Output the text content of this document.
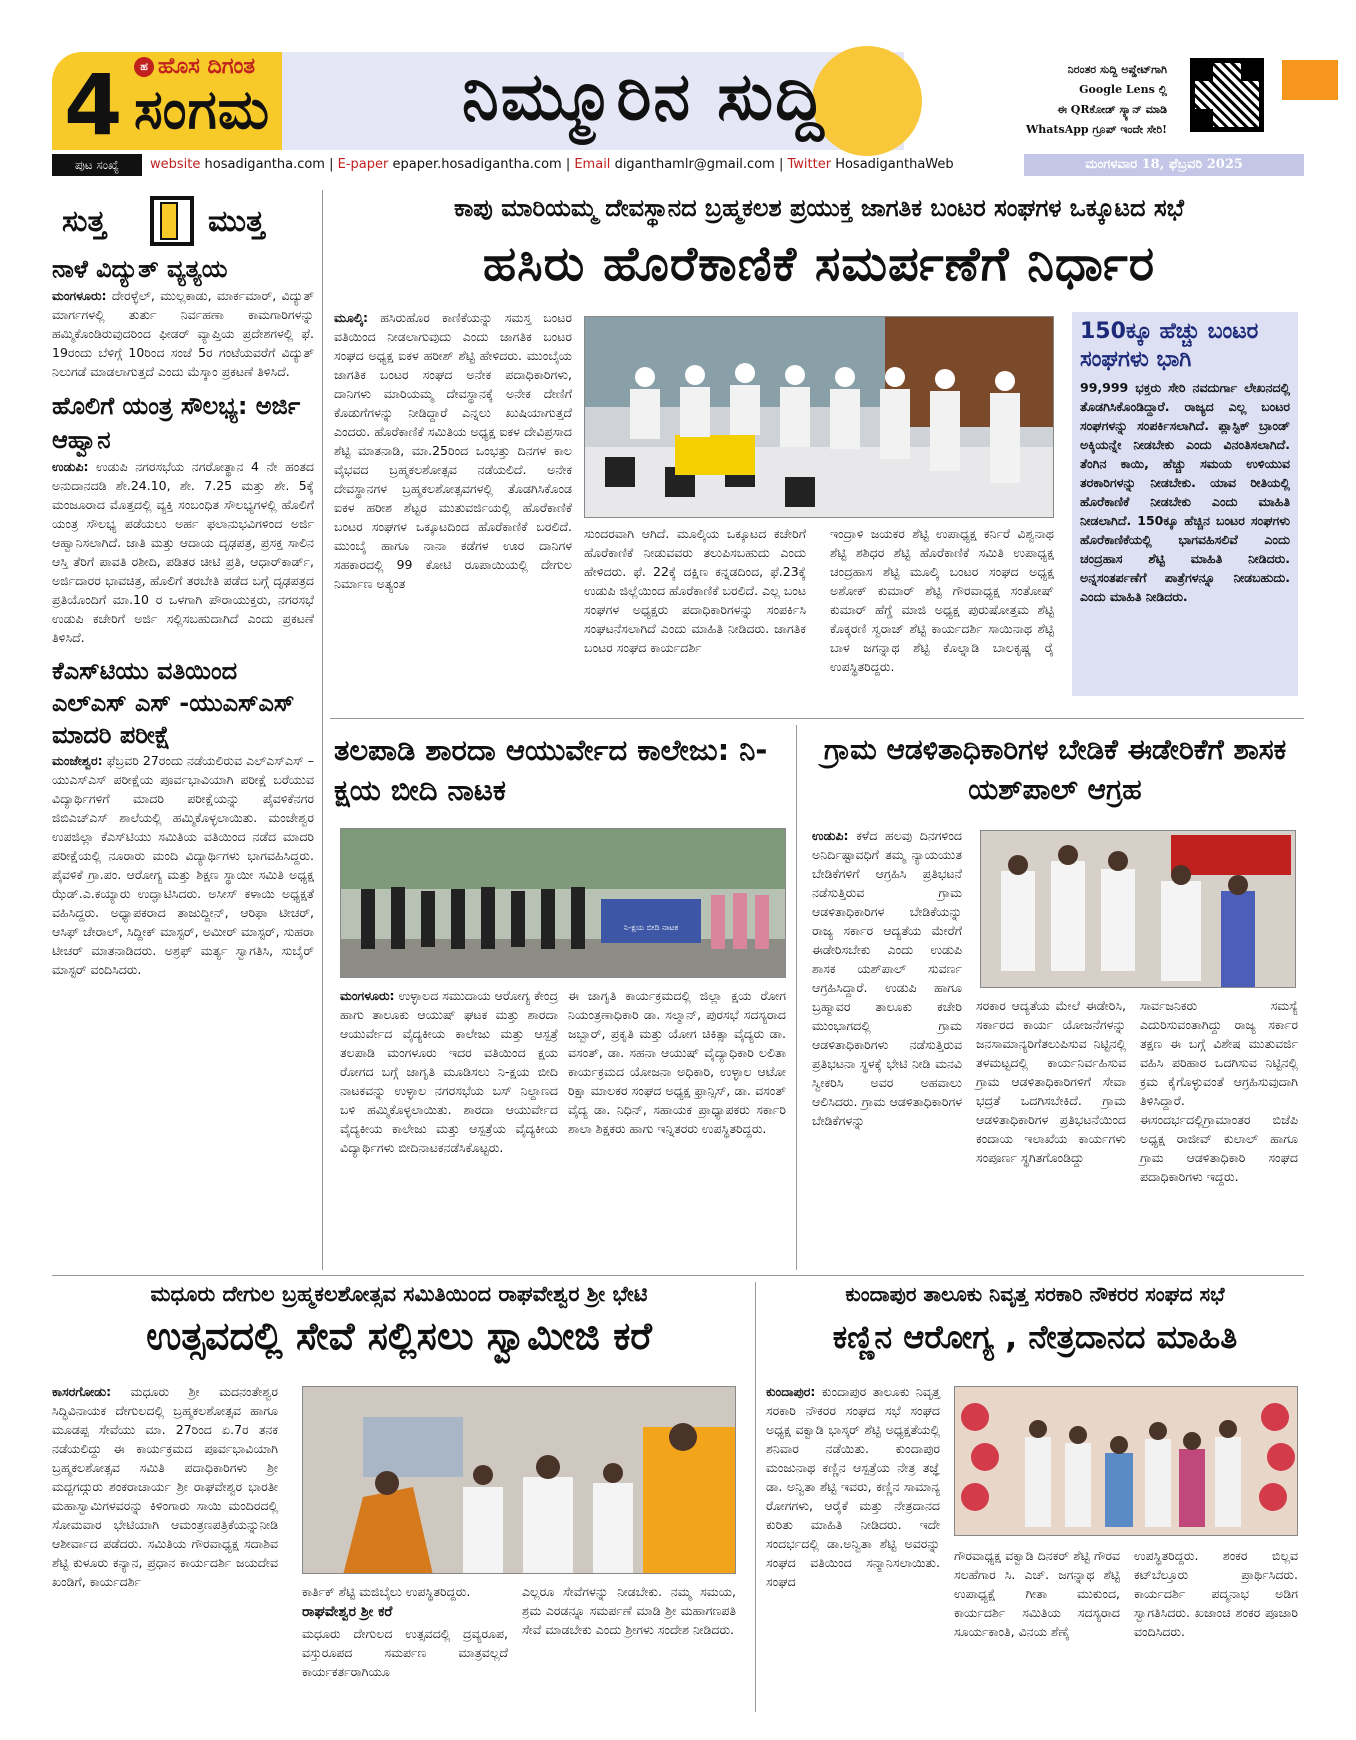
4	ಹ ಹೊಸ ದಿಗಂತ
ಸಂಗಮ	ನಿಮ್ಮೂರಿನ ಸುದ್ದಿ	ನಿರಂತರ ಸುದ್ದಿ ಅಪ್ಡೇಟ್‌ಗಾಗಿ
Google Lens ಲ್ಲಿ
ಈ QRಕೋಡ್ ಸ್ಕ್ಯಾನ್ ಮಾಡಿ
WhatsApp ಗ್ರೂಪ್ ಇಂದೇ ಸೇರಿ!
ಪುಟ ಸಂಖ್ಯೆ	website hosadigantha.com | E-paper epaper.hosadigantha.com | Email diganthamlr@gmail.com | Twitter HosadiganthaWeb	ಮಂಗಳವಾರ 18, ಫೆಬ್ರವರಿ 2025
ಸುತ್ತ	ಮುತ್ತ
ನಾಳೆ ವಿದ್ಯುತ್ ವ್ಯತ್ಯಯ

ಮಂಗಳೂರು: ದೇರಳ್ಳೆಲ್, ಮುಲ್ಲಕಾಡು, ಮಾರ್ಕಮಾರ್, ವಿದ್ಯುತ್ ಮಾರ್ಗಗಳಲ್ಲಿ ತುರ್ತು ನಿರ್ವಹಣಾ ಕಾಮಗಾರಿಗಳನ್ನು ಹಮ್ಮಿಕೊಂಡಿರುವುದರಿಂದ ಫೀಡರ್ ವ್ಯಾಪ್ತಿಯ ಪ್ರದೇಶಗಳಲ್ಲಿ ಫೆ. 19ರಂದು ಬೆಳಿಗ್ಗೆ 10ರಿಂದ ಸಂಜೆ 5ರ ಗಂಟೆಯವರೆಗೆ ವಿದ್ಯುತ್ ನಿಲುಗಡೆ ಮಾಡಲಾಗುತ್ತದೆ ಎಂದು ಮೆಸ್ಕಾಂ ಪ್ರಕಟಣೆ ತಿಳಿಸಿದೆ.

ಹೊಲಿಗೆ ಯಂತ್ರ ಸೌಲಭ್ಯ: ಅರ್ಜಿ ಆಹ್ವಾನ

ಉಡುಪಿ: ಉಡುಪಿ ನಗರಸಭೆಯ ನಗರೋತ್ಥಾನ 4 ನೇ ಹಂತದ ಅನುದಾನದಡಿ ಶೇ.24.10, ಶೇ. 7.25 ಮತ್ತು ಶೇ. 5ಕ್ಕೆ ಮಂಜೂರಾದ ಮೊತ್ತದಲ್ಲಿ ವ್ಯಕ್ತಿ ಸಂಬಂಧಿತ ಸೌಲಭ್ಯಗಳಲ್ಲಿ ಹೊಲಿಗೆ ಯಂತ್ರ ಸೌಲಭ್ಯ ಪಡೆಯಲು ಅರ್ಹ ಫಲಾನುಭವಿಗಳಿಂದ ಅರ್ಜಿ ಆಹ್ವಾನಿಸಲಾಗಿದೆ. ಜಾತಿ ಮತ್ತು ಆದಾಯ ದೃಢಪತ್ರ, ಪ್ರಸಕ್ತ ಸಾಲಿನ ಆಸ್ತಿ ತೆರಿಗೆ ಪಾವತಿ ರಶೀದಿ, ಪಡಿತರ ಚೀಟಿ ಪ್ರತಿ, ಆಧಾರ್‌ಕಾರ್ಡ್, ಅರ್ಜಿದಾರರ ಭಾವಚಿತ್ರ, ಹೊಲಿಗೆ ತರಬೇತಿ ಪಡೆದ ಬಗ್ಗೆ ದೃಢಪತ್ರದ ಪ್ರತಿಯೊಂದಿಗೆ ಮಾ.10 ರ ಒಳಗಾಗಿ ಪೌರಾಯುಕ್ತರು, ನಗರಸಭೆ ಉಡುಪಿ ಕಚೇರಿಗೆ ಅರ್ಜಿ ಸಲ್ಲಿಸಬಹುದಾಗಿದೆ ಎಂದು ಪ್ರಕಟಣೆ ತಿಳಿಸಿದೆ.

ಕೆಎಸ್‌ಟಿಯು ವತಿಯಿಂದ ಎಲ್‌ಎಸ್ ಎಸ್ -ಯುಎಸ್‌ಎಸ್ ಮಾದರಿ ಪರೀಕ್ಷೆ

ಮಂಜೇಶ್ವರ: ಫೆಬ್ರವರಿ 27ರಂದು ನಡೆಯಲಿರುವ ಎಲ್‌ಎಸ್‌ಎಸ್ – ಯುಎಸ್‌ಎಸ್ ಪರೀಕ್ಷೆಯ ಪೂರ್ವಭಾವಿಯಾಗಿ ಪರೀಕ್ಷೆ ಬರೆಯುವ ವಿದ್ಯಾರ್ಥಿಗಳಿಗೆ ಮಾದರಿ ಪರೀಕ್ಷೆಯನ್ನು ಪೈವಳಿಕೆನಗರ ಜಿಬಿಎಚ್‌ಎಸ್ ಶಾಲೆಯಲ್ಲಿ ಹಮ್ಮಿಕೊಳ್ಳಲಾಯಿತು. ಮಂಜೇಶ್ವರ ಉಪಜಿಲ್ಲಾ ಕೆಎಸ್‌ಟಿಯು ಸಮಿತಿಯ ವತಿಯಿಂದ ನಡೆದ ಮಾದರಿ ಪರೀಕ್ಷೆಯಲ್ಲಿ ನೂರಾರು ಮಂದಿ ವಿದ್ಯಾರ್ಥಿಗಳು ಭಾಗವಹಿಸಿದ್ದರು. ಪೈವಳಿಕೆ ಗ್ರಾ.ಪಂ. ಆರೋಗ್ಯ ಮತ್ತು ಶಿಕ್ಷಣ ಸ್ಥಾಯೀ ಸಮಿತಿ ಅಧ್ಯಕ್ಷ ಝೆಡ್.ಎ.ಕಯ್ಯಾರು ಉದ್ಘಾಟಿಸಿದರು. ಅಸೀಸ್ ಕಳಾಯಿ ಅಧ್ಯಕ್ಷತೆ ವಹಿಸಿದ್ದರು. ಅಧ್ಯಾಪಕರಾದ ತಾಜುದ್ದೀನ್, ಆರಿಫಾ ಟೀಚರ್, ಆಸಿಫ್ ಚೇರಾಲ್, ಸಿದ್ದೀಕ್ ಮಾಸ್ಟರ್, ಅಮೀರ್ ಮಾಸ್ಟರ್, ಸುಹರಾ ಟೀಚರ್ ಮಾತನಾಡಿದರು. ಅಶ್ರಫ್ ಮರ್ತ್ಯ ಸ್ವಾಗತಿಸಿ, ಸುಬೈರ್ ಮಾಸ್ಟರ್ ವಂದಿಸಿದರು.

ಕಾಪು ಮಾರಿಯಮ್ಮ ದೇವಸ್ಥಾನದ ಬ್ರಹ್ಮಕಲಶ ಪ್ರಯುಕ್ತ ಜಾಗತಿಕ ಬಂಟರ ಸಂಘಗಳ ಒಕ್ಕೂಟದ ಸಭೆ
ಹಸಿರು ಹೊರೆಕಾಣಿಕೆ ಸಮರ್ಪಣೆಗೆ ನಿರ್ಧಾರ

ಮೂಲ್ಕಿ: ಹಸಿರುಹೊರ ಕಾಣಿಕೆಯನ್ನು ಸಮಸ್ತ ಬಂಟರ ವತಿಯಿಂದ ನೀಡಲಾಗುವುದು ಎಂದು ಜಾಗತಿಕ ಬಂಟರ ಸಂಘದ ಅಧ್ಯಕ್ಷ ಐಕಳ ಹರೀಶ್ ಶೆಟ್ಟಿ ಹೇಳಿದರು. ಮುಂಬೈಯ ಜಾಗತಿಕ ಬಂಟರ ಸಂಘದ ಅನೇಕ ಪದಾಧಿಕಾರಿಗಳು, ದಾನಿಗಳು ಮಾರಿಯಮ್ಮ ದೇವಸ್ಥಾನಕ್ಕೆ ಅನೇಕ ದೇಣಿಗೆ ಕೊಡುಗೆಗಳನ್ನು ನೀಡಿದ್ದಾರೆ ಎನ್ನಲು ಖುಷಿಯಾಗುತ್ತದೆ ಎಂದರು. ಹೊರೆಕಾಣಿಕೆ ಸಮಿತಿಯ ಅಧ್ಯಕ್ಷ ಐಕಳ ದೇವಿಪ್ರಸಾದ ಶೆಟ್ಟಿ ಮಾತನಾಡಿ, ಮಾ.25ರಿಂದ ಒಂಭತ್ತು ದಿನಗಳ ಕಾಲ ವೈಭವದ ಬ್ರಹ್ಮಕಲಶೋತ್ಸವ ನಡೆಯಲಿದೆ. ಅನೇಕ ದೇವಸ್ಥಾನಗಳ ಬ್ರಹ್ಮಕಲಶೋತ್ಸವಗಳಲ್ಲಿ ತೊಡಗಿಸಿಕೊಂಡ ಐಕಳ ಹರೀಶ ಶೆಟ್ಟರ ಮುತುವರ್ಜಿಯಲ್ಲಿ ಹೊರೆಕಾಣಿಕೆ ಬಂಟರ ಸಂಘಗಳ ಒಕ್ಕೂಟದಿಂದ ಹೊರೆಕಾಣಿಕೆ ಬರಲಿದೆ. ಮುಂಬೈ ಹಾಗೂ ನಾನಾ ಕಡೆಗಳ ಊರ ದಾನಿಗಳ ಸಹಕಾರದಲ್ಲಿ 99 ಕೋಟಿ ರೂಪಾಯಿಯಲ್ಲಿ ದೇಗುಲ ನಿರ್ಮಾಣ ಅತ್ಯಂತ

ಸುಂದರವಾಗಿ ಆಗಿದೆ. ಮೂಲ್ಕಿಯ ಒಕ್ಕೂಟದ ಕಚೇರಿಗೆ ಹೊರೆಕಾಣಿಕೆ ನೀಡುವವರು ತಲುಪಿಸಬಹುದು ಎಂದು ಹೇಳಿದರು. ಫೆ. 22ಕ್ಕೆ ದಕ್ಷಿಣ ಕನ್ನಡದಿಂದ, ಫೆ.23ಕ್ಕೆ ಉಡುಪಿ ಜಿಲ್ಲೆಯಿಂದ ಹೊರೆಕಾಣಿಕೆ ಬರಲಿದೆ. ಎಲ್ಲ ಬಂಟ ಸಂಘಗಳ ಅಧ್ಯಕ್ಷರು ಪದಾಧಿಕಾರಿಗಳನ್ನು ಸಂಪರ್ಕಿಸಿ ಸಂಘಟನೆಸಲಾಗಿದೆ ಎಂದು ಮಾಹಿತಿ ನೀಡಿದರು. ಜಾಗತಿಕ ಬಂಟರ ಸಂಘದ ಕಾರ್ಯದರ್ಶಿ

ಇಂದ್ರಾಳಿ ಜಯಕರ ಶೆಟ್ಟಿ ಉಪಾಧ್ಯಕ್ಷ ಕರ್ನಿರೆ ವಿಶ್ವನಾಥ ಶೆಟ್ಟಿ ಶಶಿಧರ ಶೆಟ್ಟಿ ಹೊರೆಕಾಣಿಕೆ ಸಮಿತಿ ಉಪಾಧ್ಯಕ್ಷ ಚಂದ್ರಹಾಸ ಶೆಟ್ಟಿ ಮೂಲ್ಕಿ ಬಂಟರ ಸಂಘದ ಅಧ್ಯಕ್ಷ ಅಶೋಕ್ ಕುಮಾರ್ ಶೆಟ್ಟಿ ಗೌರವಾಧ್ಯಕ್ಷ ಸಂತೋಷ್ ಕುಮಾರ್ ಹೆಗ್ಡೆ ಮಾಜಿ ಅಧ್ಯಕ್ಷ ಪುರುಷೋತ್ತಮ ಶೆಟ್ಟಿ ಕೊಕ್ಕರಣಿ ಸ್ವರಾಜ್ ಶೆಟ್ಟಿ ಕಾರ್ಯದರ್ಶಿ ಸಾಯಿನಾಥ ಶೆಟ್ಟಿ ಬಾಳ ಜಗನ್ನಾಥ ಶೆಟ್ಟಿ ಕೊಲ್ನಾಡಿ ಬಾಲಕೃಷ್ಣ ರೈ ಉಪಸ್ಥಿತರಿದ್ದರು.

150ಕ್ಕೂ ಹೆಚ್ಚು ಬಂಟರ ಸಂಘಗಳು ಭಾಗಿ
99,999 ಭಕ್ತರು ಸೇರಿ ನವದುರ್ಗಾ ಲೇಖನದಲ್ಲಿ ತೊಡಗಿಸಿಕೊಂಡಿದ್ದಾರೆ. ರಾಜ್ಯದ ಎಲ್ಲ ಬಂಟರ ಸಂಘಗಳನ್ನು ಸಂಪರ್ಕಿಸಲಾಗಿದೆ. ಪ್ಲಾಸ್ಟಿಕ್ ಬ್ರಾಂಡ್ ಅಕ್ಕಿಯನ್ನೇ ನೀಡಬೇಕು ಎಂದು ವಿನಂತಿಸಲಾಗಿದೆ. ತೆಂಗಿನ ಕಾಯಿ, ಹೆಚ್ಚು ಸಮಯ ಉಳಿಯುವ ತರಕಾರಿಗಳನ್ನು ನೀಡಬೇಕು. ಯಾವ ರೀತಿಯಲ್ಲಿ ಹೊರೆಕಾಣಿಕೆ ನೀಡಬೇಕು ಎಂದು ಮಾಹಿತಿ ನೀಡಲಾಗಿದೆ. 150ಕ್ಕೂ ಹೆಚ್ಚಿನ ಬಂಟರ ಸಂಘಗಳು ಹೊರೆಕಾಣಿಕೆಯಲ್ಲಿ ಭಾಗವಹಿಸಲಿವೆ ಎಂದು ಚಂದ್ರಹಾಸ ಶೆಟ್ಟಿ ಮಾಹಿತಿ ನೀಡಿದರು. ಅನ್ನಸಂತರ್ಪಣೆಗೆ ಪಾತ್ರೆಗಳನ್ನೂ ನೀಡಬಹುದು. ಎಂದು ಮಾಹಿತಿ ನೀಡಿದರು.
ತಲಪಾಡಿ ಶಾರದಾ ಆಯುರ್ವೇದ ಕಾಲೇಜು: ನಿ-ಕ್ಷಯ ಬೀದಿ ನಾಟಕ
ನಿ-ಕ್ಷಯ ಬೀದಿ ನಾಟಕ

ಮಂಗಳೂರು: ಉಳ್ಳಾಲದ ಸಮುದಾಯ ಆರೋಗ್ಯ ಕೇಂದ್ರ ಹಾಗು ತಾಲೂಕು ಆಯುಷ್ ಘಟಕ ಮತ್ತು ಶಾರದಾ ಆಯುರ್ವೇದ ವೈದ್ಯಕೀಯ ಕಾಲೇಜು ಮತ್ತು ಆಸ್ಪತ್ರೆ ತಲಪಾಡಿ ಮಂಗಳೂರು ಇದರ ವತಿಯಿಂದ ಕ್ಷಯ ರೋಗದ ಬಗ್ಗೆ ಜಾಗೃತಿ ಮೂಡಿಸಲು ನಿ-ಕ್ಷಯ ಬೀದಿ ನಾಟಕವನ್ನು ಉಳ್ಳಾಲ ನಗರಸಭೆಯ ಬಸ್ ನಿಲ್ದಾಣದ ಬಳಿ ಹಮ್ಮಿಕೊಳ್ಳಲಾಯಿತು. ಶಾರದಾ ಆಯುರ್ವೇದ ವೈದ್ಯಕೀಯ ಕಾಲೇಜು ಮತ್ತು ಆಸ್ಪತ್ರೆಯ ವೈದ್ಯಕೀಯ ವಿದ್ಯಾರ್ಥಿಗಳು ಬೀದಿನಾಟಕನಡೆಸಿಕೊಟ್ಟರು.

ಈ ಜಾಗೃತಿ ಕಾರ್ಯಕ್ರಮದಲ್ಲಿ ಜಿಲ್ಲಾ ಕ್ಷಯ ರೋಗ ನಿಯಂತ್ರಣಾಧಿಕಾರಿ ಡಾ. ಸಲ್ಮಾನ್, ಪುರಸಭೆ ಸದಸ್ಯರಾದ ಜಬ್ಬಾರ್, ಪ್ರಕೃತಿ ಮತ್ತು ಯೋಗ ಚಿಕಿತ್ಸಾ ವೈದ್ಯರು ಡಾ. ವಸಂತ್, ಡಾ. ಸಹನಾ ಆಯುಷ್ ವೈದ್ಯಾಧಿಕಾರಿ ಲಲಿತಾ ಕಾರ್ಯಕ್ರಮದ ಯೋಜನಾ ಅಧಿಕಾರಿ, ಉಳ್ಳಾಲ ಆಟೋ ರಿಕ್ಷಾ ಮಾಲಕರ ಸಂಘದ ಅಧ್ಯಕ್ಷ ಫ್ರಾನ್ಸಿಸ್, ಡಾ. ವಸಂತ್ ವೈದ್ಯ ಡಾ. ನಿಧಿನ್, ಸಹಾಯಕ ಪ್ರಾಧ್ಯಾಪಕರು ಸರ್ಕಾರಿ ಶಾಲಾ ಶಿಕ್ಷಕರು ಹಾಗು ಇನ್ನಿತರರು ಉಪಸ್ಥಿತರಿದ್ದರು.

ಗ್ರಾಮ ಆಡಳಿತಾಧಿಕಾರಿಗಳ ಬೇಡಿಕೆ ಈಡೇರಿಕೆಗೆ ಶಾಸಕ ಯಶ್‌ಪಾಲ್ ಆಗ್ರಹ

ಉಡುಪಿ: ಕಳೆದ ಹಲವು ದಿನಗಳಿಂದ ಅನಿರ್ದಿಷ್ಟಾವಧಿಗೆ ತಮ್ಮ ನ್ಯಾಯಯುತ ಬೇಡಿಕೆಗಳಿಗೆ ಆಗ್ರಹಿಸಿ ಪ್ರತಿಭಟನೆ ನಡೆಸುತ್ತಿರುವ ಗ್ರಾಮ ಆಡಳಿತಾಧಿಕಾರಿಗಳ ಬೇಡಿಕೆಯನ್ನು ರಾಜ್ಯ ಸರ್ಕಾರ ಆದ್ಯತೆಯ ಮೇರೆಗೆ ಈಡೇರಿಸಬೇಕು ಎಂದು ಉಡುಪಿ ಶಾಸಕ ಯಶ್‌ಪಾಲ್ ಸುವರ್ಣ ಆಗ್ರಹಿಸಿದ್ದಾರೆ. ಉಡುಪಿ ಹಾಗೂ ಬ್ರಹ್ಮಾವರ ತಾಲೂಕು ಕಚೇರಿ ಮುಂಭಾಗದಲ್ಲಿ ಗ್ರಾಮ ಆಡಳಿತಾಧಿಕಾರಿಗಳು ನಡೆಸುತ್ತಿರುವ ಪ್ರತಿಭಟನಾ ಸ್ಥಳಕ್ಕೆ ಭೇಟಿ ನೀಡಿ ಮನವಿ ಸ್ವೀಕರಿಸಿ ಅವರ ಅಹವಾಲು ಆಲಿಸಿದರು. ಗ್ರಾಮ ಆಡಳಿತಾಧಿಕಾರಿಗಳ ಬೇಡಿಕೆಗಳನ್ನು

ಸರಕಾರ ಆದ್ಯತೆಯ ಮೇಲೆ ಈಡೇರಿಸಿ, ಸರ್ಕಾರದ ಕಾರ್ಯ ಯೋಜನೆಗಳನ್ನು ಜನಸಾಮಾನ್ಯರಿಗೆತಲುಪಿಸುವ ನಿಟ್ಟಿನಲ್ಲಿ ತಳಮಟ್ಟದಲ್ಲಿ ಕಾರ್ಯನಿರ್ವಹಿಸುವ ಗ್ರಾಮ ಆಡಳಿತಾಧಿಕಾರಿಗಳಿಗೆ ಸೇವಾ ಭದ್ರತೆ ಒದಗಿಸಬೇಕಿದೆ. ಗ್ರಾಮ ಆಡಳಿತಾಧಿಕಾರಿಗಳ ಪ್ರತಿಭಟನೆಯಿಂದ ಕಂದಾಯ ಇಲಾಖೆಯ ಕಾರ್ಯಗಳು ಸಂಪೂರ್ಣ ಸ್ಥಗಿತಗೊಂಡಿದ್ದು

ಸಾರ್ವಜನಿಕರು ಸಮಸ್ಯೆ ಎದುರಿಸುವಂತಾಗಿದ್ದು ರಾಜ್ಯ ಸರ್ಕಾರ ತಕ್ಷಣ ಈ ಬಗ್ಗೆ ವಿಶೇಷ ಮುತುವರ್ಜಿ ವಹಿಸಿ ಪರಿಹಾರ ಒದಗಿಸುವ ನಿಟ್ಟಿನಲ್ಲಿ ಕ್ರಮ ಕೈಗೊಳ್ಳುವಂತೆ ಆಗ್ರಹಿಸುವುದಾಗಿ ತಿಳಿಸಿದ್ದಾರೆ. ಈಸಂದರ್ಭದಲ್ಲಿಗ್ರಾಮಾಂತರ ಬಿಜೆಪಿ ಅಧ್ಯಕ್ಷ ರಾಜೀವ್ ಕುಲಾಲ್ ಹಾಗೂ ಗ್ರಾಮ ಆಡಳಿತಾಧಿಕಾರಿ ಸಂಘದ ಪದಾಧಿಕಾರಿಗಳು ಇದ್ದರು.

ಮಧೂರು ದೇಗುಲ ಬ್ರಹ್ಮಕಲಶೋತ್ಸವ ಸಮಿತಿಯಿಂದ ರಾಘವೇಶ್ವರ ಶ್ರೀ ಭೇಟಿ
ಉತ್ಸವದಲ್ಲಿ ಸೇವೆ ಸಲ್ಲಿಸಲು ಸ್ವಾಮೀಜಿ ಕರೆ

ಕಾಸರಗೋಡು: ಮಧೂರು ಶ್ರೀ ಮದನಂತೇಶ್ವರ ಸಿದ್ಧಿವಿನಾಯಕ ದೇಗುಲದಲ್ಲಿ ಬ್ರಹ್ಮಕಲಶೋತ್ಸವ ಹಾಗೂ ಮೂಡಪ್ಪ ಸೇವೆಯು ಮಾ. 27ರಿಂದ ಏ.7ರ ತನಕ ನಡೆಯಲಿದ್ದು ಈ ಕಾರ್ಯಕ್ರಮದ ಪೂರ್ವಭಾವಿಯಾಗಿ ಬ್ರಹ್ಮಕಲಶೋತ್ಸವ ಸಮಿತಿ ಪದಾಧಿಕಾರಿಗಳು ಶ್ರೀ ಮದ್ಜಗದ್ಗುರು ಶಂಕರಾಚಾರ್ಯ ಶ್ರೀ ರಾಘವೇಶ್ವರ ಭಾರತೀ ಮಹಾಸ್ವಾಮಿಗಳವರನ್ನು ಕಿಳಿಂಗಾರು ಸಾಯಿ ಮಂದಿರದಲ್ಲಿ ಸೋಮವಾರ ಭೇಟಿಯಾಗಿ ಆಮಂತ್ರಣಪತ್ರಿಕೆಯನ್ನುನೀಡಿ ಆಶೀರ್ವಾದ ಪಡೆದರು. ಸಮಿತಿಯ ಗೌರವಾಧ್ಯಕ್ಷ ಸದಾಶಿವ ಶೆಟ್ಟಿ ಕುಳೂರು ಕನ್ಯಾನ, ಪ್ರಧಾನ ಕಾರ್ಯದರ್ಶಿ ಜಯದೇವ ಖಂಡಿಗೆ, ಕಾರ್ಯದರ್ಶಿ

ಕಾರ್ತಿಕ್ ಶೆಟ್ಟಿ ಮಜಿಬೈಲು ಉಪಸ್ಥಿತರಿದ್ದರು.

ರಾಘವೇಶ್ವರ ಶ್ರೀ ಕರೆ

ಮಧೂರು ದೇಗುಲದ ಉತ್ಸವದಲ್ಲಿ ದ್ರವ್ಯರೂಪ, ವಸ್ತುರೂಪದ ಸಮರ್ಪಣ ಮಾತ್ರವಲ್ಲದೆ ಕಾರ್ಯಕರ್ತರಾಗಿಯೂ

ಎಲ್ಲರೂ ಸೇವೆಗಳನ್ನು ನೀಡಬೇಕು. ನಮ್ಮ ಸಮಯ, ಶ್ರಮ ಎರಡನ್ನೂ ಸಮರ್ಪಣೆ ಮಾಡಿ ಶ್ರೀ ಮಹಾಗಣಪತಿ ಸೇವೆ ಮಾಡಬೇಕು ಎಂದು ಶ್ರೀಗಳು ಸಂದೇಶ ನೀಡಿದರು.

ಕುಂದಾಪುರ ತಾಲೂಕು ನಿವೃತ್ತ ಸರಕಾರಿ ನೌಕರರ ಸಂಘದ ಸಭೆ
ಕಣ್ಣಿನ ಆರೋಗ್ಯ , ನೇತ್ರದಾನದ ಮಾಹಿತಿ

ಕುಂದಾಪುರ: ಕುಂದಾಪುರ ತಾಲೂಕು ನಿವೃತ್ತ ಸರಕಾರಿ ನೌಕರರ ಸಂಘದ ಸಭೆ ಸಂಘದ ಅಧ್ಯಕ್ಷ ವಕ್ವಾಡಿ ಭಾಸ್ಕರ್ ಶೆಟ್ಟಿ ಅಧ್ಯಕ್ಷತೆಯಲ್ಲಿ ಶನಿವಾರ ನಡೆಯಿತು. ಕುಂದಾಪುರ ಮಂಜುನಾಥ ಕಣ್ಣಿನ ಆಸ್ಪತ್ರೆಯ ನೇತ್ರ ತಜ್ಞೆ ಡಾ. ಅನ್ವಿತಾ ಶೆಟ್ಟಿ ಇವರು, ಕಣ್ಣಿನ ಸಾಮಾನ್ಯ ರೋಗಗಳು, ಆರೈಕೆ ಮತ್ತು ನೇತ್ರದಾನದ ಕುರಿತು ಮಾಹಿತಿ ನೀಡಿದರು. ಇದೇ ಸಂದರ್ಭದಲ್ಲಿ ಡಾ.ಅನ್ವಿತಾ ಶೆಟ್ಟಿ ಅವರನ್ನು ಸಂಘದ ವತಿಯಿಂದ ಸನ್ಮಾನಿಸಲಾಯಿತು. ಸಂಘದ

ಗೌರವಾಧ್ಯಕ್ಷ ವಕ್ವಾಡಿ ದಿನಕರ್ ಶೆಟ್ಟಿ ಗೌರವ ಸಲಹೆಗಾರ ಸಿ. ಎಚ್. ಜಗನ್ನಾಥ ಶೆಟ್ಟಿ ಉಪಾಧ್ಯಕ್ಷೆ ಗೀತಾ ಮುಕುಂದ, ಕಾರ್ಯದರ್ಶಿ ಸಮಿತಿಯ ಸದಸ್ಯರಾದ ಸೂರ್ಯಕಾಂತಿ, ವಿನಯ ಶೆಣೈ

ಉಪಸ್ಥಿತರಿದ್ದರು. ಶಂಕರ ಬಿಲ್ಲವ ಕಟ್‌ಬೆಲ್ತೂರು ಪ್ರಾರ್ಥಿಸಿದರು. ಕಾರ್ಯದರ್ಶಿ ಪದ್ಮನಾಭ ಅಡಿಗ ಸ್ವಾಗತಿಸಿದರು. ಖಜಾಂಚಿ ಶಂಕರ ಪೂಜಾರಿ ವಂದಿಸಿದರು.
